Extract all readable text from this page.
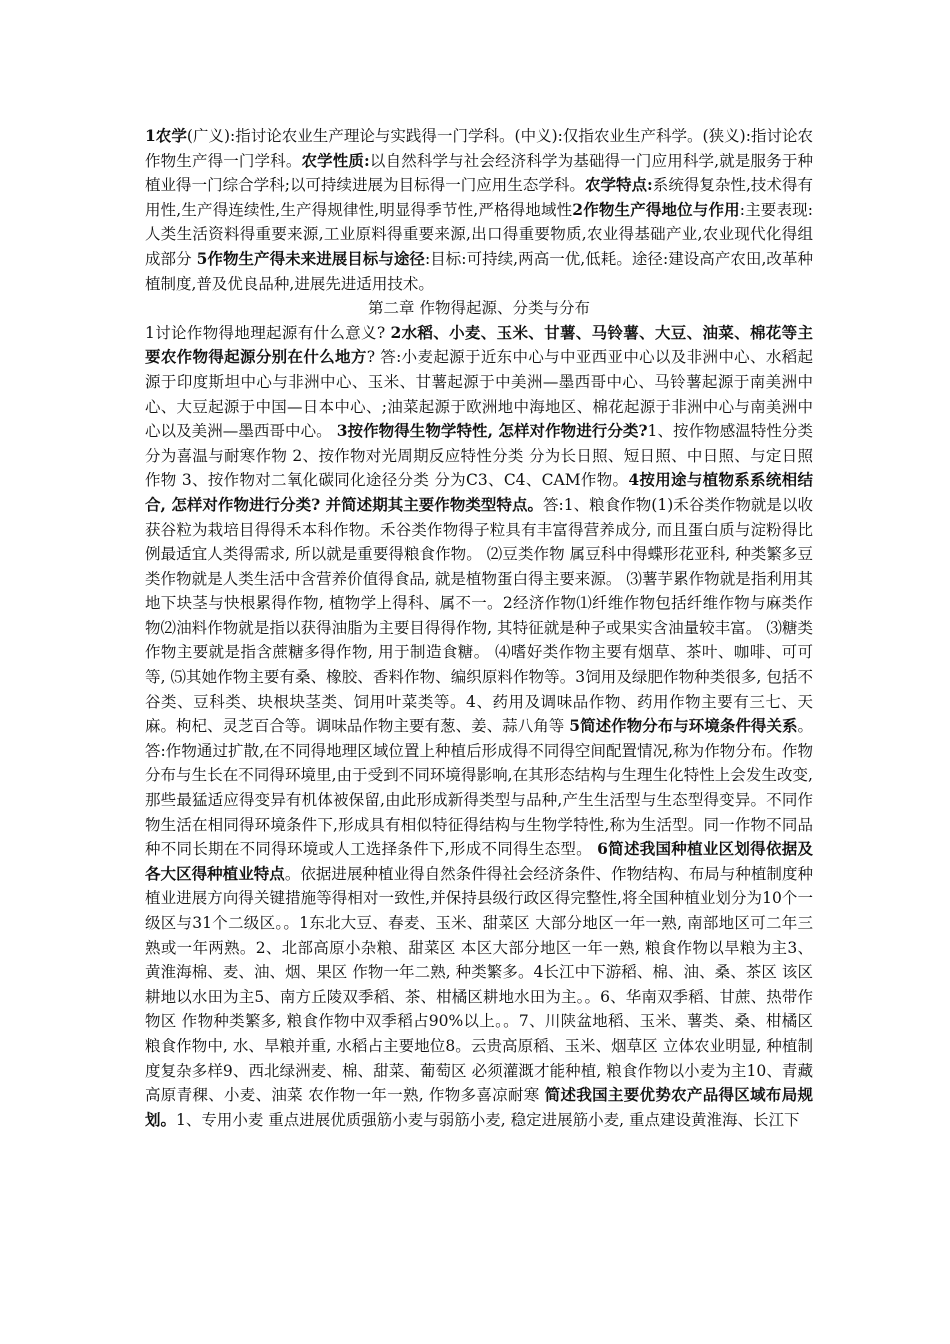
1农学(广义):指讨论农业生产理论与实践得一门学科。(中义):仅指农业生产科学。(狭义):指讨论农作物生产得一门学科。农学性质:以自然科学与社会经济科学为基础得一门应用科学,就是服务于种植业得一门综合学科;以可持续进展为目标得一门应用生态学科。农学特点:系统得复杂性,技术得有用性,生产得连续性,生产得规律性,明显得季节性,严格得地域性2作物生产得地位与作用:主要表现:人类生活资料得重要来源,工业原料得重要来源,出口得重要物质,农业得基础产业,农业现代化得组成部分 5作物生产得未来进展目标与途径:目标:可持续,两高一优,低耗。途径:建设高产农田,改革种植制度,普及优良品种,进展先进适用技术。

第二章 作物得起源、分类与分布

1讨论作物得地理起源有什么意义? 2水稻、小麦、玉米、甘薯、马铃薯、大豆、油菜、棉花等主要农作物得起源分别在什么地方? 答:小麦起源于近东中心与中亚西亚中心以及非洲中心、水稻起源于印度斯坦中心与非洲中心、玉米、甘薯起源于中美洲—墨西哥中心、马铃薯起源于南美洲中心、大豆起源于中国—日本中心、;油菜起源于欧洲地中海地区、棉花起源于非洲中心与南美洲中心以及美洲—墨西哥中心。 3按作物得生物学特性, 怎样对作物进行分类?1、按作物感温特性分类 分为喜温与耐寒作物 2、按作物对光周期反应特性分类 分为长日照、短日照、中日照、与定日照作物 3、按作物对二氧化碳同化途径分类 分为C3、C4、CAM作物。4按用途与植物系系统相结合, 怎样对作物进行分类? 并简述期其主要作物类型特点。答:1、粮食作物(1)禾谷类作物就是以收获谷粒为栽培目得得禾本科作物。禾谷类作物得子粒具有丰富得营养成分, 而且蛋白质与淀粉得比例最适宜人类得需求, 所以就是重要得粮食作物。 ⑵豆类作物 属豆科中得蝶形花亚科, 种类繁多豆类作物就是人类生活中含营养价值得食品, 就是植物蛋白得主要来源。 ⑶薯芋累作物就是指利用其地下块茎与快根累得作物, 植物学上得科、属不一。2经济作物⑴纤维作物包括纤维作物与麻类作物⑵油料作物就是指以获得油脂为主要目得得作物, 其特征就是种子或果实含油量较丰富。 ⑶糖类作物主要就是指含蔗糖多得作物, 用于制造食糖。 ⑷嗜好类作物主要有烟草、茶叶、咖啡、可可等, ⑸其她作物主要有桑、橡胶、香料作物、编织原料作物等。3饲用及绿肥作物种类很多, 包括不谷类、豆科类、块根块茎类、饲用叶菜类等。4、药用及调味品作物、药用作物主要有三七、天麻。枸杞、灵芝百合等。调味品作物主要有葱、姜、蒜八角等 5简述作物分布与环境条件得关系。答:作物通过扩散,在不同得地理区域位置上种植后形成得不同得空间配置情况,称为作物分布。作物分布与生长在不同得环境里,由于受到不同环境得影响,在其形态结构与生理生化特性上会发生改变,那些最猛适应得变异有机体被保留,由此形成新得类型与品种,产生生活型与生态型得变异。不同作物生活在相同得环境条件下,形成具有相似特征得结构与生物学特性,称为生活型。同一作物不同品种不同长期在不同得环境或人工选择条件下,形成不同得生态型。 6简述我国种植业区划得依据及各大区得种植业特点。依据进展种植业得自然条件得社会经济条件、作物结构、布局与种植制度种植业进展方向得关键措施等得相对一致性,并保持县级行政区得完整性,将全国种植业划分为10个一级区与31个二级区。。1东北大豆、春麦、玉米、甜菜区 大部分地区一年一熟, 南部地区可二年三熟或一年两熟。2、北部高原小杂粮、甜菜区 本区大部分地区一年一熟, 粮食作物以旱粮为主3、黄淮海棉、麦、油、烟、果区 作物一年二熟, 种类繁多。4长江中下游稻、棉、油、桑、茶区 该区耕地以水田为主5、南方丘陵双季稻、茶、柑橘区耕地水田为主。。6、华南双季稻、甘蔗、热带作物区 作物种类繁多, 粮食作物中双季稻占90%以上。。7、川陕盆地稻、玉米、薯类、桑、柑橘区 粮食作物中, 水、旱粮并重, 水稻占主要地位8。云贵高原稻、玉米、烟草区 立体农业明显, 种植制度复杂多样9、西北绿洲麦、棉、甜菜、葡萄区 必须灌溉才能种植, 粮食作物以小麦为主10、青藏高原青稞、小麦、油菜 农作物一年一熟, 作物多喜凉耐寒 简述我国主要优势农产品得区域布局规划。1、专用小麦 重点进展优质强筋小麦与弱筋小麦, 稳定进展筋小麦, 重点建设黄淮海、长江下
